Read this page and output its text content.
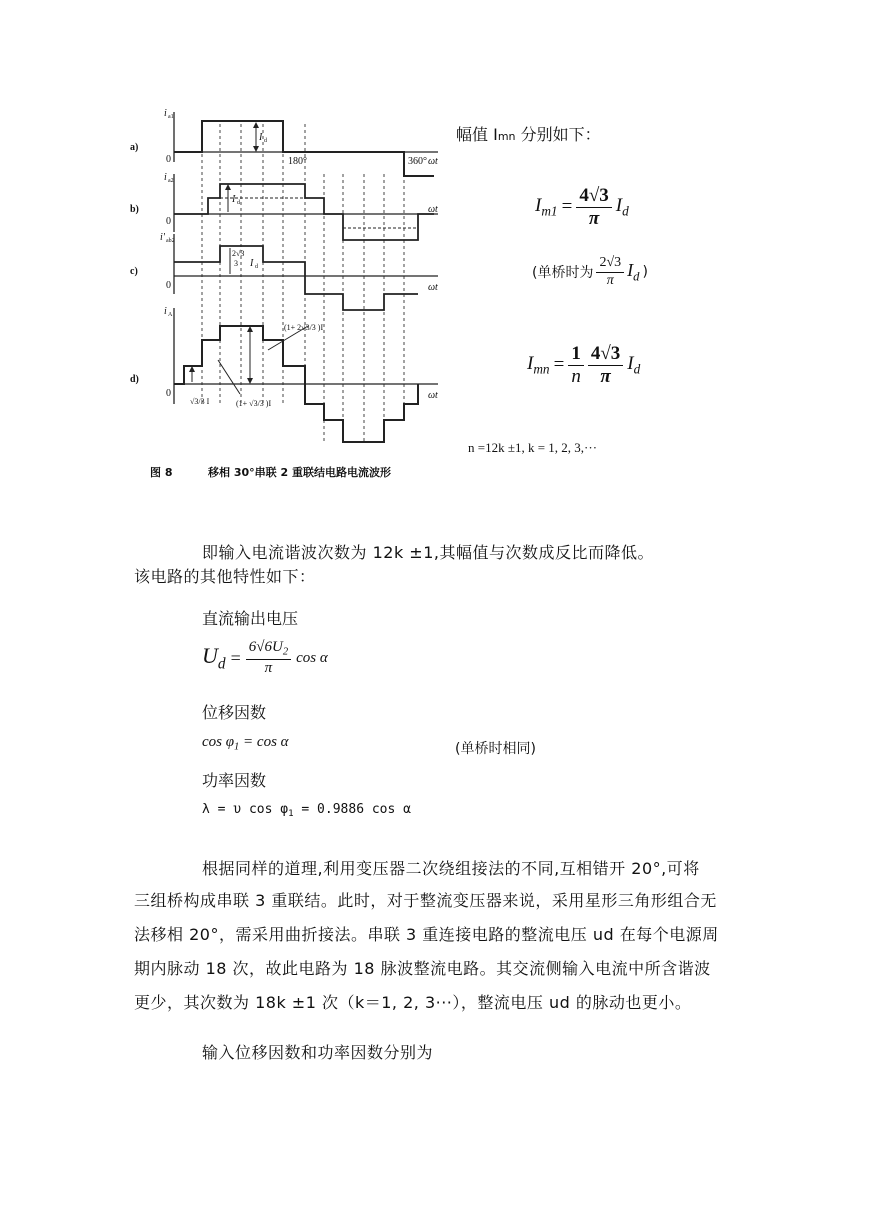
a)
b)
c)
d)
i a1
i a2
i' ab2
i A
0
0
0
0
180°	360° ωt
ωt
ωt
ωt
I d
I d
2√3
3 I d
(1+ 2√3/3 )I
(1+ √3/3 )I
√3/3 I
图 8	移相 30°串联 2 重联结电路电流波形
幅值 Imn 分别如下：
$I_{m1} = \frac{4√3}{\pi} I_d$
(单桥时为 $\frac{2√3}{\pi} I_d$ )
$I_{mn} = \frac{1}{n} \frac{4√3}{\pi} I_d$
n =12k ±1, k = 1, 2, 3,···
即输入电流谐波次数为 12k ±1,其幅值与次数成反比而降低。
该电路的其他特性如下：
直流输出电压
$U_d = \frac{6√6U_2}{\pi}$ cos α
位移因数
$\cos \varphi_1 = \cos \alpha$	(单桥时相同)
功率因数
λ = υ $\cos \varphi_1 = 0.9886$ cos α
根据同样的道理,利用变压器二次绕组接法的不同,互相错开 20°,可将
三组桥构成串联 3 重联结。此时，对于整流变压器来说，采用星形三角形组合无
法移相 20°，需采用曲折接法。串联 3 重连接电路的整流电压 ud 在每个电源周
期内脉动 18 次，故此电路为 18 脉波整流电路。其交流侧输入电流中所含谐波
更少，其次数为 18k ±1 次（k＝1, 2, 3···），整流电压 ud 的脉动也更小。
输入位移因数和功率因数分别为
